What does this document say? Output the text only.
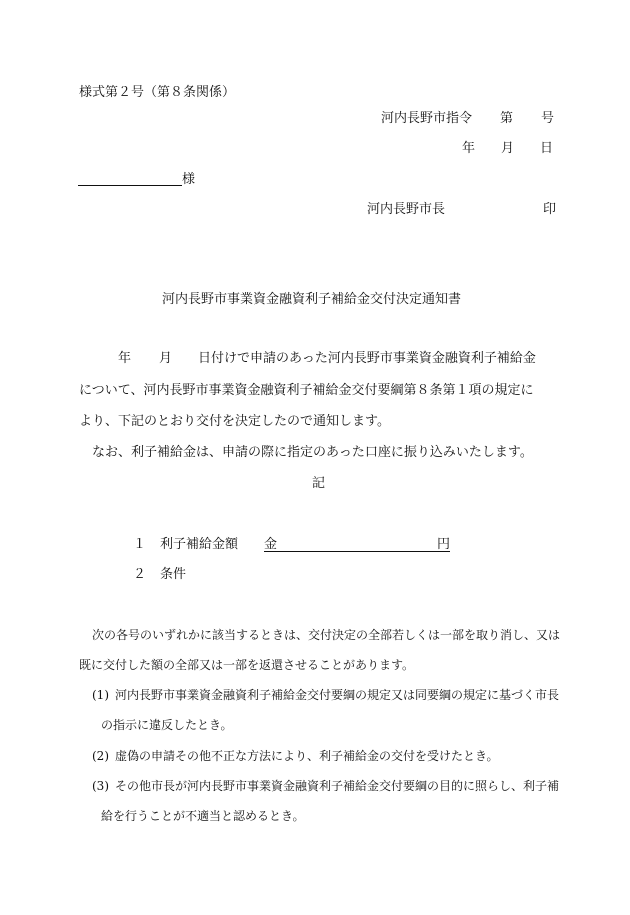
様式第２号（第８条関係）
河内長野市指令 第 号
年 月 日
様
河内長野市長	印
河内長野市事業資金融資利子補給金交付決定通知書
年 月 日付けで申請のあった河内長野市事業資金融資利子補給金
について、河内長野市事業資金融資利子補給金交付要綱第８条第１項の規定に
より、下記のとおり交付を決定したので通知します。
なお、利子補給金は、申請の際に指定のあった口座に振り込みいたします。
記
１ 利子補給金額 金	円
２ 条件
次の各号のいずれかに該当するときは、交付決定の全部若しくは一部を取り消し、又は
既に交付した額の全部又は一部を返還させることがあります。
(1) 河内長野市事業資金融資利子補給金交付要綱の規定又は同要綱の規定に基づく市長
の指示に違反したとき。
(2) 虚偽の申請その他不正な方法により、利子補給金の交付を受けたとき。
(3) その他市長が河内長野市事業資金融資利子補給金交付要綱の目的に照らし、利子補
給を行うことが不適当と認めるとき。
